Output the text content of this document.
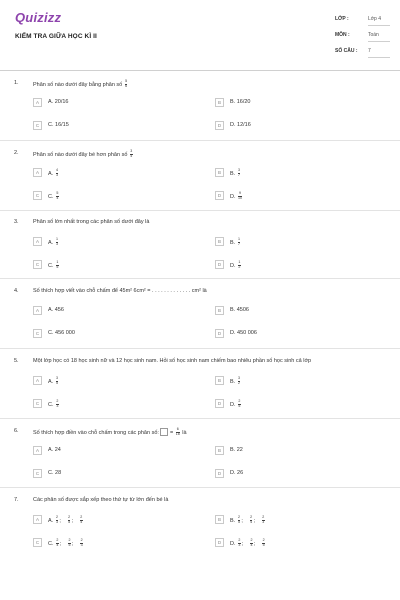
Quizizz
KIỂM TRA GIỮA HỌC KÌ II
LỚP :	Lớp 4
MÔN :	Toán
SỐ CÂU : 7
1.	Phân số nào dưới đây bằng phân số $\frac{5}{6}$
A	A. 20/16	B	B. 16/20
C	C. 16/15	D	D. 12/16
2.	Phân số nào dưới đây bé hơn phân số $\frac{3}{4}$
A	A. $\frac{4}{3}$	B	B. $\frac{3}{7}$
C	C. $\frac{5}{4}$	D	D. $\frac{9}{10}$
3.	Phân số lớn nhất trong các phân số dưới đây là
A	A. $\frac{1}{3}$	B	B. $\frac{1}{7}$
C	C. $\frac{1}{5}$	D	D. $\frac{1}{2}$
4.	Số thích hợp viết vào chỗ chấm để 45m² 6cm² = . . . . . . . . . . . . . cm² là
A	A. 456	B	B. 4506
C	C. 456 000	D	D. 450 006
5.	Một lớp học có 18 học sinh nữ và 12 học sinh nam. Hỏi số học sinh nam chiếm bao nhiêu phần số học sinh cả lớp
A	A. $\frac{3}{5}$	B	B. $\frac{3}{2}$
C	C. $\frac{2}{3}$	D	D. $\frac{2}{5}$
6.	Số thích hợp điền vào chỗ chấm trong các phân số:  = $\frac{6}{18}$ là
A	A. 24	B	B. 22
C	C. 28	D	D. 26
7.	Các phân số được sắp xếp theo thứ tự từ lớn đến bé là
A	A. $\frac{2}{3}$ ; $\frac{2}{5}$ ; $\frac{2}{4}$	B	B. $\frac{2}{5}$ ; $\frac{2}{4}$ ; $\frac{2}{3}$
C	C. $\frac{2}{4}$ ; $\frac{2}{5}$ ; $\frac{2}{3}$	D	D. $\frac{2}{3}$ ; $\frac{2}{4}$ ; $\frac{2}{5}$
